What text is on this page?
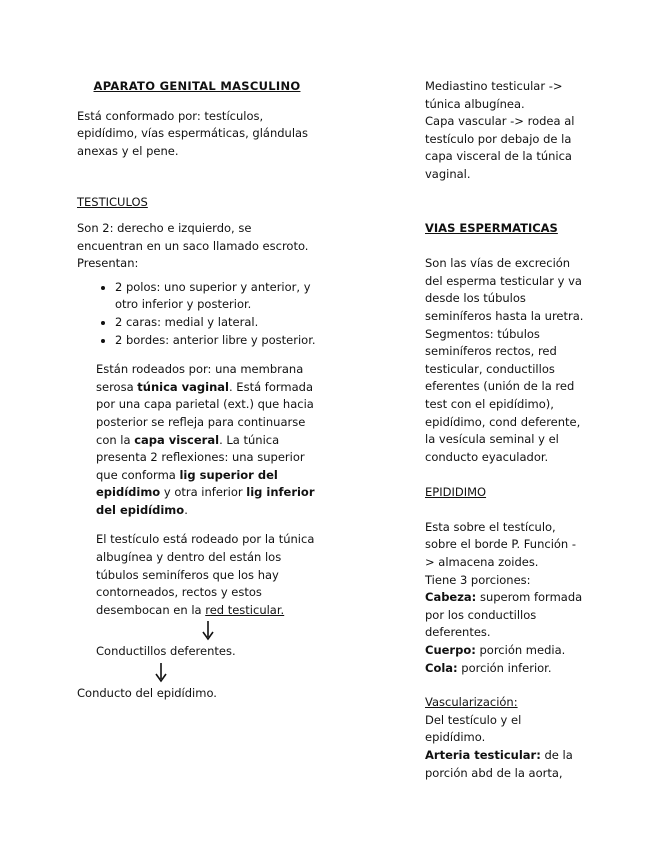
APARATO GENITAL MASCULINO

Está conformado por: testículos, epidídimo, vías espermáticas, glándulas anexas y el pene.

TESTICULOS

Son 2: derecho e izquierdo, se encuentran en un saco llamado escroto. Presentan:

• 2 polos: uno superior y anterior, y otro inferior y posterior.
• 2 caras: medial y lateral.
• 2 bordes: anterior libre y posterior.

Están rodeados por: una membrana serosa túnica vaginal. Está formada por una capa parietal (ext.) que hacia posterior se refleja para continuarse con la capa visceral. La túnica presenta 2 reflexiones: una superior que conforma lig superior del epidídimo y otra inferior lig inferior del epidídimo.

El testículo está rodeado por la túnica albugínea y dentro del están los túbulos seminíferos que los hay contorneados, rectos y estos desembocan en la red testicular.

Conductillos deferentes.

Conducto del epidídimo.

Mediastino testicular -> túnica albugínea.

Capa vascular -> rodea al testículo por debajo de la capa visceral de la túnica vaginal.

VIAS ESPERMATICAS

Son las vías de excreción del esperma testicular y va desde los túbulos seminíferos hasta la uretra. Segmentos: túbulos seminíferos rectos, red testicular, conductillos eferentes (unión de la red test con el epidídimo), epidídimo, cond deferente, la vesícula seminal y el conducto eyaculador.

EPIDIDIMO

Esta sobre el testículo, sobre el borde P. Función -> almacena zoides.

Tiene 3 porciones:

Cabeza: superom formada por los conductillos deferentes.

Cuerpo: porción media.

Cola: porción inferior.

Vascularización:

Del testículo y el epidídimo.

Arteria testicular: de la porción abd de la aorta,
